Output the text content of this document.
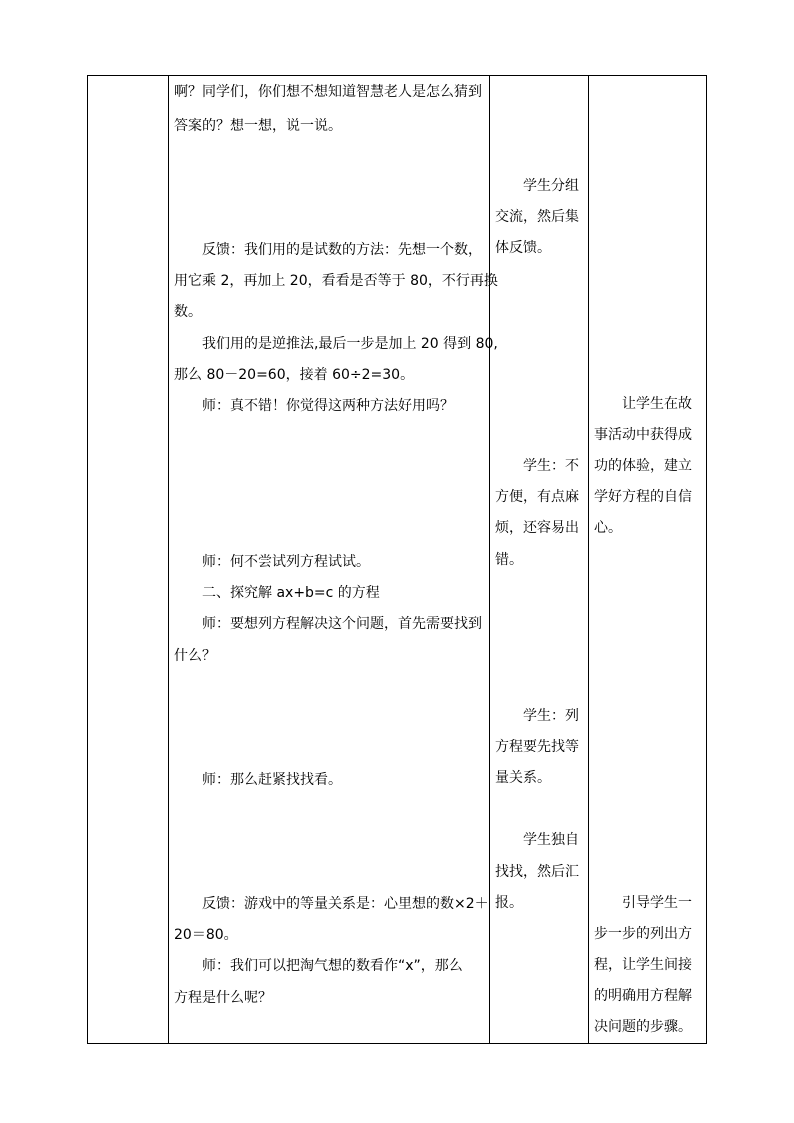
啊？同学们，你们想不想知道智慧老人是怎么猜到
答案的？想一想，说一说。
反馈：我们用的是试数的方法：先想一个数，
用它乘 2，再加上 20，看看是否等于 80，不行再换
数。
我们用的是逆推法,最后一步是加上 20 得到 80,
那么 80－20=60，接着 60÷2=30。
师：真不错！你觉得这两种方法好用吗？
师：何不尝试列方程试试。
二、探究解 ax+b=c 的方程
师：要想列方程解决这个问题，首先需要找到
什么？
师：那么赶紧找找看。
反馈：游戏中的等量关系是：心里想的数×2＋
20＝80。
师：我们可以把淘气想的数看作“x”，那么
方程是什么呢？
学生分组
交流，然后集
体反馈。
学生：不
方便，有点麻
烦，还容易出
错。
学生：列
方程要先找等
量关系。
学生独自
找找，然后汇
报。
让学生在故
事活动中获得成
功的体验，建立
学好方程的自信
心。
引导学生一
步一步的列出方
程，让学生间接
的明确用方程解
决问题的步骤。
